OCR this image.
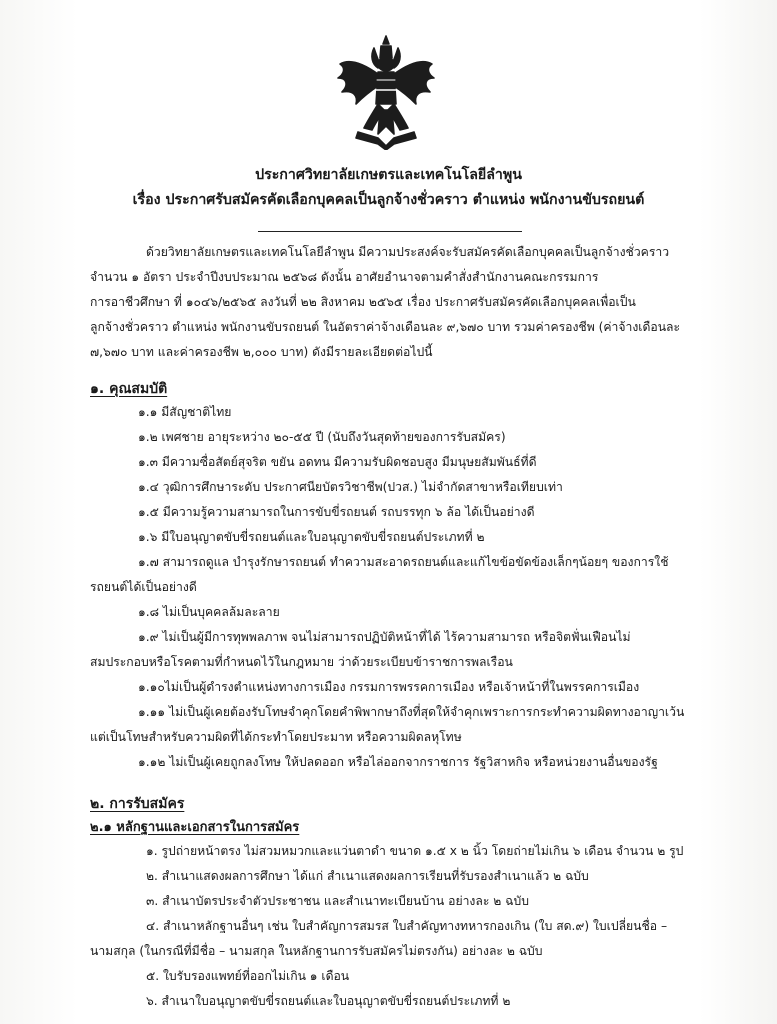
ประกาศวิทยาลัยเกษตรและเทคโนโลยีลำพูน
เรื่อง ประกาศรับสมัครคัดเลือกบุคคลเป็นลูกจ้างชั่วคราว ตำแหน่ง พนักงานขับรถยนต์
ด้วยวิทยาลัยเกษตรและเทคโนโลยีลำพูน มีความประสงค์จะรับสมัครคัดเลือกบุคคลเป็นลูกจ้างชั่วคราว
จำนวน ๑ อัตรา ประจำปีงบประมาณ ๒๕๖๘ ดังนั้น อาศัยอำนาจตามคำสั่งสำนักงานคณะกรรมการ
การอาชีวศึกษา ที่ ๑๐๔๖/๒๕๖๕ ลงวันที่ ๒๒ สิงหาคม ๒๕๖๕ เรื่อง ประกาศรับสมัครคัดเลือกบุคคลเพื่อเป็น
ลูกจ้างชั่วคราว ตำแหน่ง พนักงานขับรถยนต์ ในอัตราค่าจ้างเดือนละ ๙,๖๗๐ บาท รวมค่าครองชีพ (ค่าจ้างเดือนละ
๗,๖๗๐ บาท และค่าครองชีพ ๒,๐๐๐ บาท) ดังมีรายละเอียดต่อไปนี้
๑. คุณสมบัติ
๑.๑ มีสัญชาติไทย
๑.๒ เพศชาย อายุระหว่าง ๒๐-๕๕ ปี (นับถึงวันสุดท้ายของการรับสมัคร)
๑.๓ มีความซื่อสัตย์สุจริต ขยัน อดทน มีความรับผิดชอบสูง มีมนุษยสัมพันธ์ที่ดี
๑.๔ วุฒิการศึกษาระดับ ประกาศนียบัตรวิชาชีพ(ปวส.) ไม่จำกัดสาขาหรือเทียบเท่า
๑.๕ มีความรู้ความสามารถในการขับขี่รถยนต์ รถบรรทุก ๖ ล้อ ได้เป็นอย่างดี
๑.๖ มีใบอนุญาตขับขี่รถยนต์และใบอนุญาตขับขี่รถยนต์ประเภทที่ ๒
๑.๗ สามารถดูแล บำรุงรักษารถยนต์ ทำความสะอาดรถยนต์และแก้ไขข้อขัดข้องเล็กๆน้อยๆ ของการใช้
รถยนต์ได้เป็นอย่างดี
๑.๘ ไม่เป็นบุคคลล้มละลาย
๑.๙ ไม่เป็นผู้มีการทุพพลภาพ จนไม่สามารถปฏิบัติหน้าที่ได้ ไร้ความสามารถ หรือจิตฟั่นเฟือนไม่
สมประกอบหรือโรคตามที่กำหนดไว้ในกฎหมาย ว่าด้วยระเบียบข้าราชการพลเรือน
๑.๑๐ไม่เป็นผู้ดำรงตำแหน่งทางการเมือง กรรมการพรรคการเมือง หรือเจ้าหน้าที่ในพรรคการเมือง
๑.๑๑ ไม่เป็นผู้เคยต้องรับโทษจำคุกโดยคำพิพากษาถึงที่สุดให้จำคุกเพราะการกระทำความผิดทางอาญาเว้น
แต่เป็นโทษสำหรับความผิดที่ได้กระทำโดยประมาท หรือความผิดลหุโทษ
๑.๑๒ ไม่เป็นผู้เคยถูกลงโทษ ให้ปลดออก หรือไล่ออกจากราชการ รัฐวิสาหกิจ หรือหน่วยงานอื่นของรัฐ
๒. การรับสมัคร
๒.๑ หลักฐานและเอกสารในการสมัคร
๑. รูปถ่ายหน้าตรง ไม่สวมหมวกและแว่นตาดำ ขนาด ๑.๕ x ๒ นิ้ว โดยถ่ายไม่เกิน ๖ เดือน จำนวน ๒ รูป
๒. สำเนาแสดงผลการศึกษา ได้แก่ สำเนาแสดงผลการเรียนที่รับรองสำเนาแล้ว ๒ ฉบับ
๓. สำเนาบัตรประจำตัวประชาชน และสำเนาทะเบียนบ้าน อย่างละ ๒ ฉบับ
๔. สำเนาหลักฐานอื่นๆ เช่น ใบสำคัญการสมรส ใบสำคัญทางทหารกองเกิน (ใบ สด.๙) ใบเปลี่ยนชื่อ –
นามสกุล (ในกรณีที่มีชื่อ – นามสกุล ในหลักฐานการรับสมัครไม่ตรงกัน) อย่างละ ๒ ฉบับ
๕. ใบรับรองแพทย์ที่ออกไม่เกิน ๑ เดือน
๖. สำเนาใบอนุญาตขับขี่รถยนต์และใบอนุญาตขับขี่รถยนต์ประเภทที่ ๒
